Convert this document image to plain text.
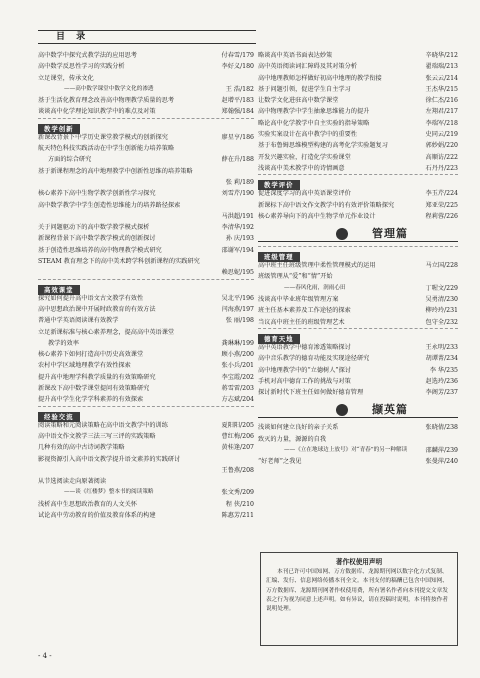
目 录
高中数学中探究式教学法的应用思考	付春雪/179
高中数学反思性学习的实践分析	李好义/180
立足课堂，传承文化
——高中数学课堂中数学文化的渗透	王 浩/182
基于生活化教育理念改善高中物理教学质量的思考	赵增平/183
谈谈高中化学理论知识教学中的难点及对策	郑翰强/184
教学创新
新课改背景下中学历史课堂教学模式的创新探究	廖星亨/186
航天特色科技实践活动在中学生创新能力培养策略
方面的综合研究	薛在升/188
基于新课程理念的高中地理教学中创新性思维的培养策略
张 莉/189
核心素养下高中生物学教学创新性学习探究	刘雪芹/190
高中数学教学中学生创造性思维能力的培养路径探索
马洪超/191
关于问题驱动下的高中数学教学模式探析	李清华/192
新课程背景下高中数学教学模式的创新探讨	孙 庆/193
基于创造性思维培养的高中物理教学模式研究	邵谢军/194
STEAM 教育理念下的高中美术跨学科创新课程的实践研究
赖思妮/195
高效课堂
探究如何提升高中语文古文教学有效性	吴北平/196
高中思想政治课中开展时政教育的有效方法	闫海燕/197
普通中学英语阅读课有效教学	张 丽/198
立足新课标准与核心素养理念，提高高中英语课堂
教学的效率	龚琳琳/199
核心素养下如何打造高中历史高效课堂	顾小燕/200
农村中学区域地理教学有效性探索	张小兵/201
提升高中地理学科教学质量的有效策略研究	李宝霞/202
新课改下高中数学课堂提问有效策略研究	蒋雪雷/203
提升高中学生化学学科素养的有效探索	方志斌/204
经验交流
阅读策略和元阅读策略在高中语文教学中的训练	夏阳阳/205
高中语文作文教学三法三写三评的实践策略	曹红梅/206
几种有效的高中古诗词教学策略	黄桂逢/207
影视资源引入高中语文教学提升语文素养的实践研讨
王鲁燕/208
从节选阅读走向原著阅读
——谈《红楼梦》整本书的阅读策略	张文秀/209
浅析高中生思想政治教育的人文关怀	程 侠/210
试论高中劳动教育的价值及教育体系的构建	陈惠芳/211
略谈高中英语书面表达妙策	辛晓华/212
高中英语阅读词汇障碍及其对策分析	翟瑞瑞/213
高中地理教师怎样做好初高中地理的教学衔接	张云云/214
基于问题引领，促进学生自主学习	王杰华/215
让数学文化进驻高中数学课堂	徐仁杰/216
高中物理教学中学生抽象思维能力的提升	左翔君/217
略论高中化学教学中自主实验的指导策略	李瑞军/218
实验实案设计在高中教学中的重要性	史同云/219
基于布鲁姆思维模型构建的高考化学实验题复习	郭妙娟/220
开发兴趣实验，打造化学实验课堂	高顺访/222
浅谈高中美术教学中的诗情画意	石丹丹/223
教学评价
促进深度学习的高中英语课堂评价	李玉芹/224
新课标下高中语文作文教学中的有效评价策略探究	郑亚荣/225
核心素养导向下的高中生物学单元作业设计	程莉蓉/226
管理篇
班级管理
高中班主任班级管理中柔性管理模式的运用	马立国/228
班级管理从“爱”和“情”开始
——春风化雨，润雨心田	丁喔文/229
浅谈高中毕业班年级管理方案	吴勇清/230
班主任基本素养及工作途径的探索	柳玲玲/231
当议高中班主任的班级管理艺术	包守全/232
德育天地
高中英语教学中德育渗透策略探讨	王永明/233
高中音乐教学的德育功能及实现途径研究	胡谭菁/234
高中地理教学中的“立德树人”探讨	李 华/235
手机对高中德育工作的挑战与对策	赵选玲/236
探讨新时代下班主任如何做好德育管理	李阁芳/237
撷英篇
浅谈如何建立良好的亲子关系	张晓倩/238
致灭的力量，源源的自我
——《立在地球边上放号》对“青春”的另一种解读	邵麟萍/239
“好老师”之我见	张曼萍/240
著作权使用声明
本刊已许可中国知网、万方数据库、龙源期刊网以数字化方式复制、汇编、发行、信息网络传播本刊全文。本刊支付的稿酬已包含中国知网、万方数据库、龙源期刊网著作权使用费，所有署名作者向本刊提交文章发表之行为视为同意上述声明。如有异议，请在投稿时说明，本刊将按作者说明处理。
- 4 -
